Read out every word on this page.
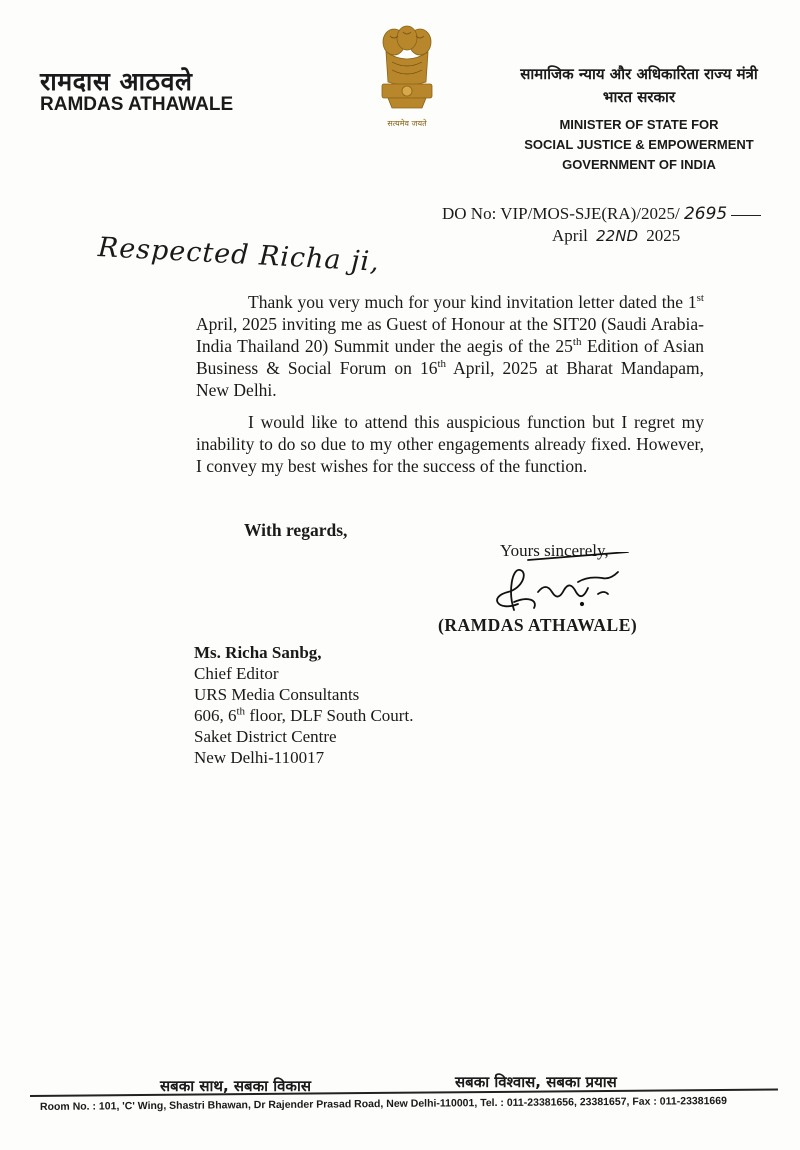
रामदास आठवले
RAMDAS ATHAWALE
सत्यमेव जयते
सामाजिक न्याय और अधिकारिता राज्य मंत्री
भारत सरकार
MINISTER OF STATE FOR
SOCIAL JUSTICE & EMPOWERMENT
GOVERNMENT OF INDIA
DO No: VIP/MOS-SJE(RA)/2025/ 2695
April 22ND 2025
Respected Richa ji,
Thank you very much for your kind invitation letter dated the 1st April, 2025 inviting me as Guest of Honour at the SIT20 (Saudi Arabia-India Thailand 20) Summit under the aegis of the 25th Edition of Asian Business & Social Forum on 16th April, 2025 at Bharat Mandapam, New Delhi.
I would like to attend this auspicious function but I regret my inability to do so due to my other engagements already fixed. However, I convey my best wishes for the success of the function.
With regards,
Yours sincerely,
(RAMDAS ATHAWALE)
Ms. Richa Sanbg,
Chief Editor
URS Media Consultants
606, 6th floor, DLF South Court.
Saket District Centre
New Delhi-110017
सबका साथ, सबका विकास	सबका विश्वास, सबका प्रयास
Room No. : 101, 'C' Wing, Shastri Bhawan, Dr Rajender Prasad Road, New Delhi-110001, Tel. : 011-23381656, 23381657, Fax : 011-23381669
